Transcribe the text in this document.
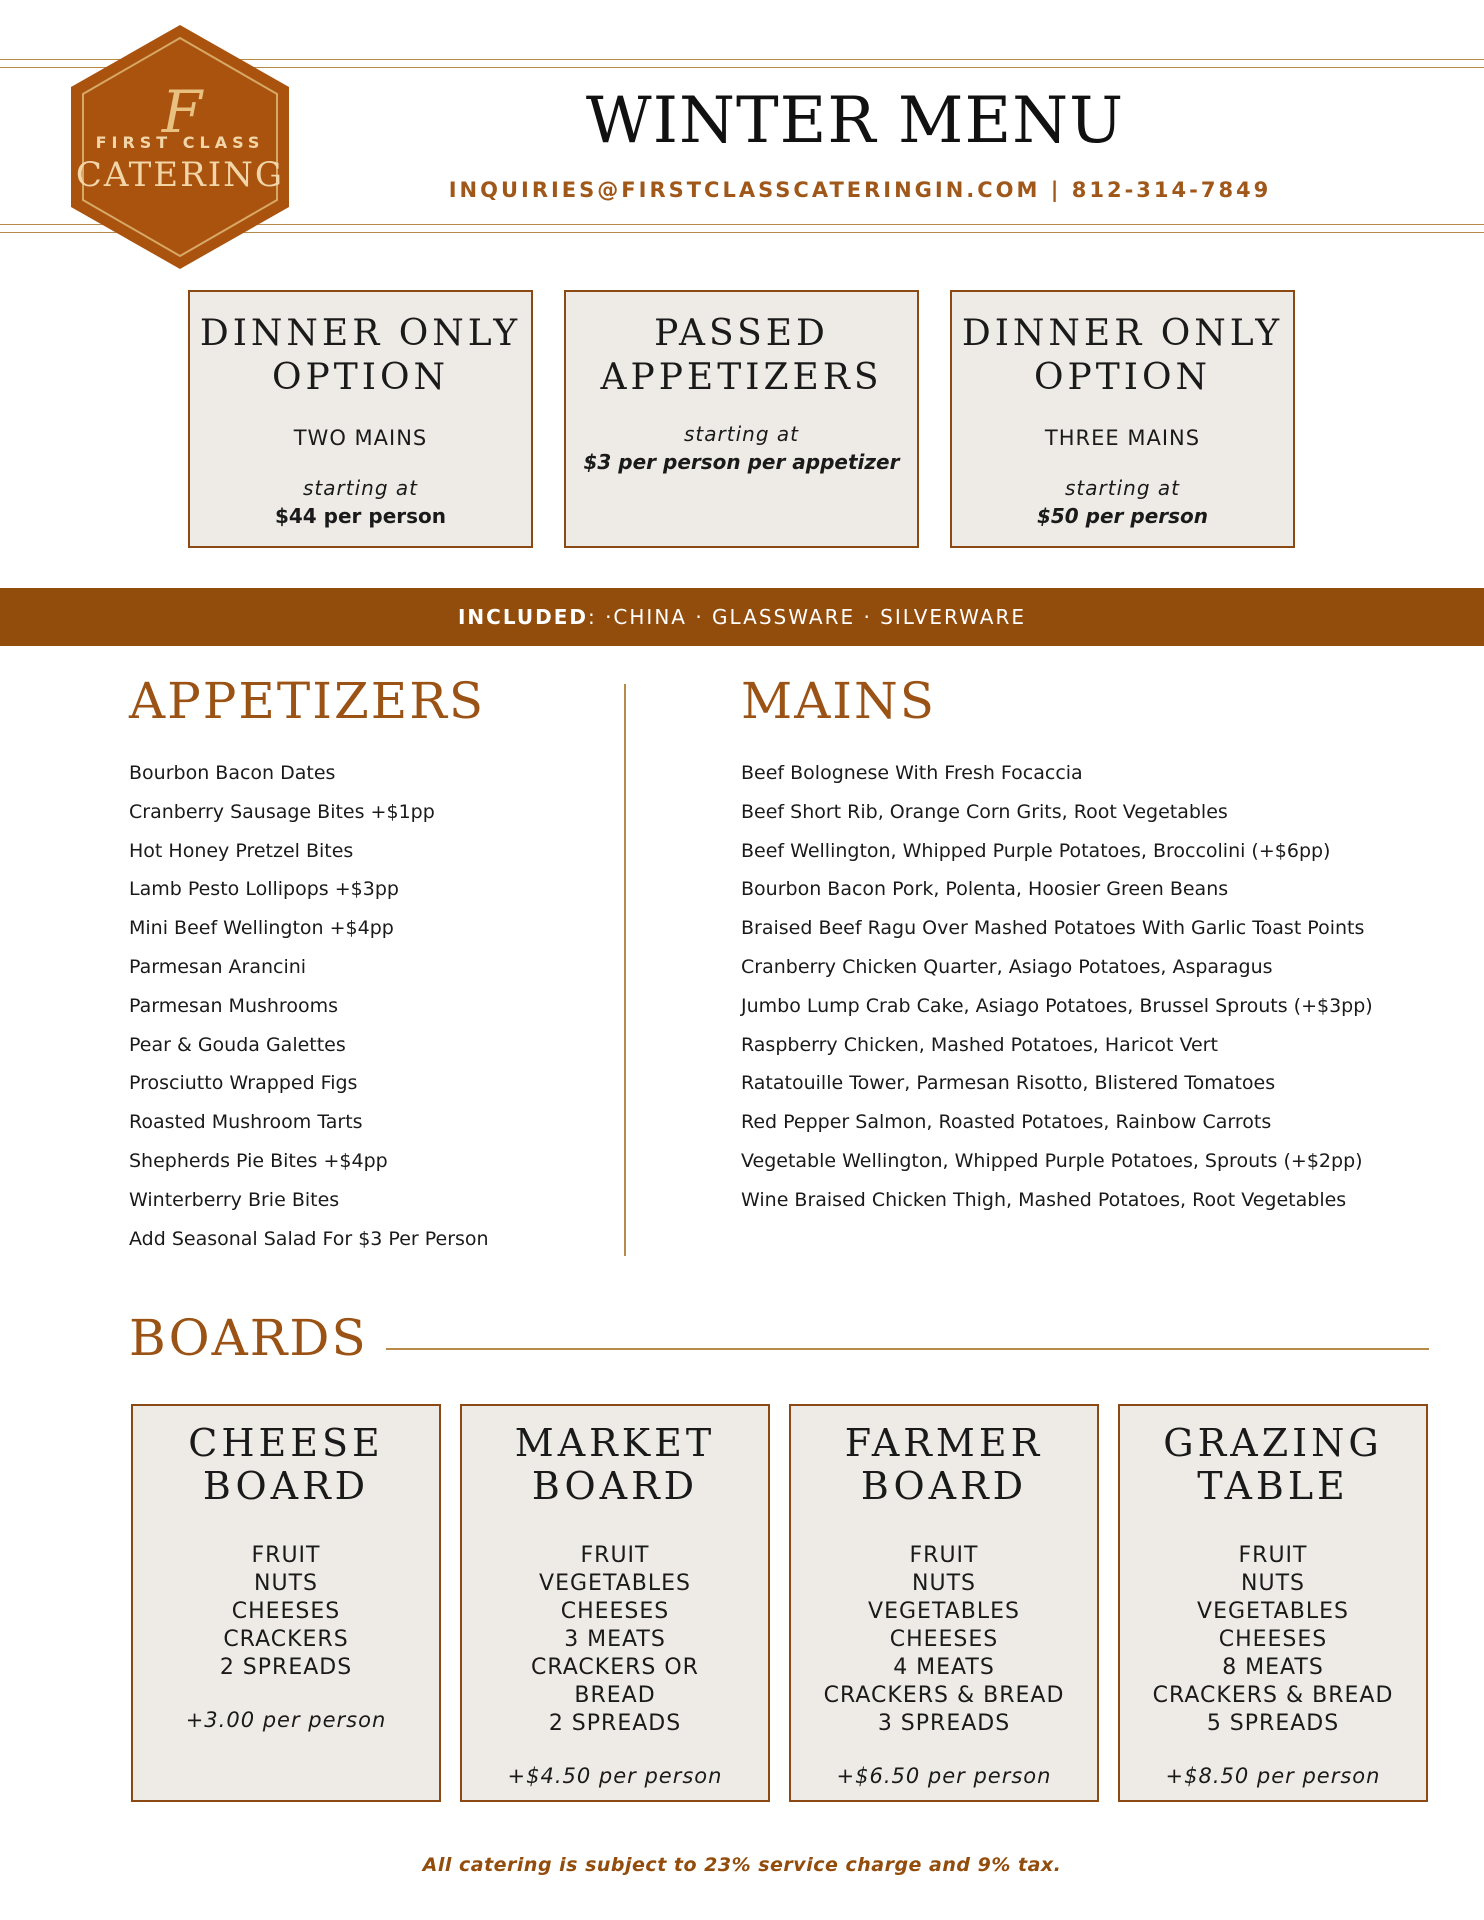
F
FIRST CLASS
CATERING
WINTER MENU
INQUIRIES@FIRSTCLASSCATERINGIN.COM | 812-314-7849
DINNER ONLY
OPTION
TWO MAINS
starting at
$44 per person
PASSED
APPETIZERS
starting at
$3 per person per appetizer
DINNER ONLY
OPTION
THREE MAINS
starting at
$50 per person
INCLUDED: ·CHINA · GLASSWARE · SILVERWARE
APPETIZERS
Bourbon Bacon Dates
Cranberry Sausage Bites +$1pp
Hot Honey Pretzel Bites
Lamb Pesto Lollipops +$3pp
Mini Beef Wellington +$4pp
Parmesan Arancini
Parmesan Mushrooms
Pear & Gouda Galettes
Prosciutto Wrapped Figs
Roasted Mushroom Tarts
Shepherds Pie Bites +$4pp
Winterberry Brie Bites
Add Seasonal Salad For $3 Per Person
MAINS
Beef Bolognese With Fresh Focaccia
Beef Short Rib, Orange Corn Grits, Root Vegetables
Beef Wellington, Whipped Purple Potatoes, Broccolini (+$6pp)
Bourbon Bacon Pork, Polenta, Hoosier Green Beans
Braised Beef Ragu Over Mashed Potatoes With Garlic Toast Points
Cranberry Chicken Quarter, Asiago Potatoes, Asparagus
Jumbo Lump Crab Cake, Asiago Potatoes, Brussel Sprouts (+$3pp)
Raspberry Chicken, Mashed Potatoes, Haricot Vert
Ratatouille Tower, Parmesan Risotto, Blistered Tomatoes
Red Pepper Salmon, Roasted Potatoes, Rainbow Carrots
Vegetable Wellington, Whipped Purple Potatoes, Sprouts (+$2pp)
Wine Braised Chicken Thigh, Mashed Potatoes, Root Vegetables
BOARDS
CHEESE
BOARD
FRUIT
NUTS
CHEESES
CRACKERS
2 SPREADS
+3.00 per person
MARKET
BOARD
FRUIT
VEGETABLES
CHEESES
3 MEATS
CRACKERS OR
BREAD
2 SPREADS
+$4.50 per person
FARMER
BOARD
FRUIT
NUTS
VEGETABLES
CHEESES
4 MEATS
CRACKERS & BREAD
3 SPREADS
+$6.50 per person
GRAZING
TABLE
FRUIT
NUTS
VEGETABLES
CHEESES
8 MEATS
CRACKERS & BREAD
5 SPREADS
+$8.50 per person
All catering is subject to 23% service charge and 9% tax.
